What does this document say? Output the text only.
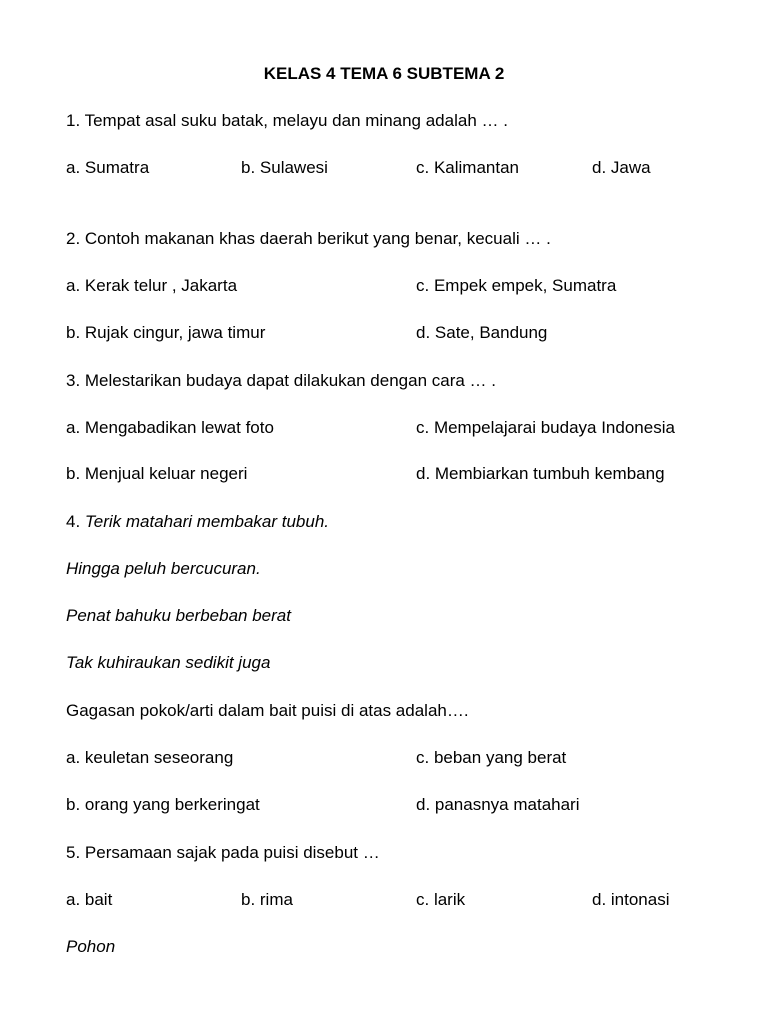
KELAS 4 TEMA 6 SUBTEMA 2
1. Tempat asal suku batak, melayu dan minang adalah … .
a. Sumatra	b. Sulawesi	c. Kalimantan	d. Jawa
2. Contoh makanan khas daerah berikut yang benar, kecuali … .
a. Kerak telur , Jakarta	c. Empek empek, Sumatra
b. Rujak cingur, jawa timur	d. Sate, Bandung
3. Melestarikan budaya dapat dilakukan dengan cara … .
a. Mengabadikan lewat foto	c. Mempelajarai budaya Indonesia
b. Menjual keluar negeri	d. Membiarkan tumbuh kembang
4. Terik matahari membakar tubuh.
Hingga peluh bercucuran.
Penat bahuku berbeban berat
Tak kuhiraukan sedikit juga
Gagasan pokok/arti dalam bait puisi di atas adalah….
a. keuletan seseorang	c. beban yang berat
b. orang yang berkeringat	d. panasnya matahari
5. Persamaan sajak pada puisi disebut …
a. bait	b. rima	c. larik	d. intonasi
Pohon
